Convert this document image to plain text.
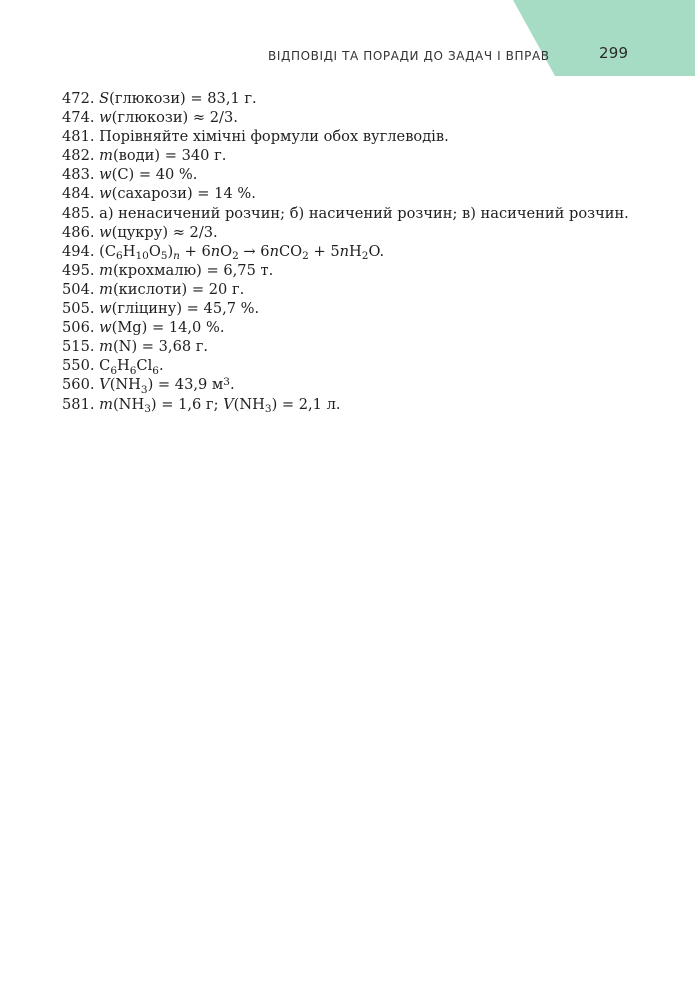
ВІДПОВІДІ ТА ПОРАДИ ДО ЗАДАЧ І ВПРАВ	299
472. S(глюкози) = 83,1 г.
474. w(глюкози) ≈ 2/3.
481. Порівняйте хімічні формули обох вуглеводів.
482. m(води) = 340 г.
483. w(C) = 40 %.
484. w(сахарози) = 14 %.
485. а) ненасичений розчин; б) насичений розчин; в) насичений розчин.
486. w(цукру) ≈ 2/3.
494. $(C_6H_{10}O_5)_n + 6nO_2 \to 6nCO_2 + 5nH_2O$.
495. m(крохмалю) = 6,75 т.
504. m(кислоти) = 20 г.
505. w(гліцину) = 45,7 %.
506. w(Mg) = 14,0 %.
515. m(N) = 3,68 г.
550. $C_6H_6Cl_6$.
560. $V(NH_3) = 43,9$ $м^3$.
581. $m(NH_3) = 1,6$ г; $V(NH_3) = 2,1$ л.
